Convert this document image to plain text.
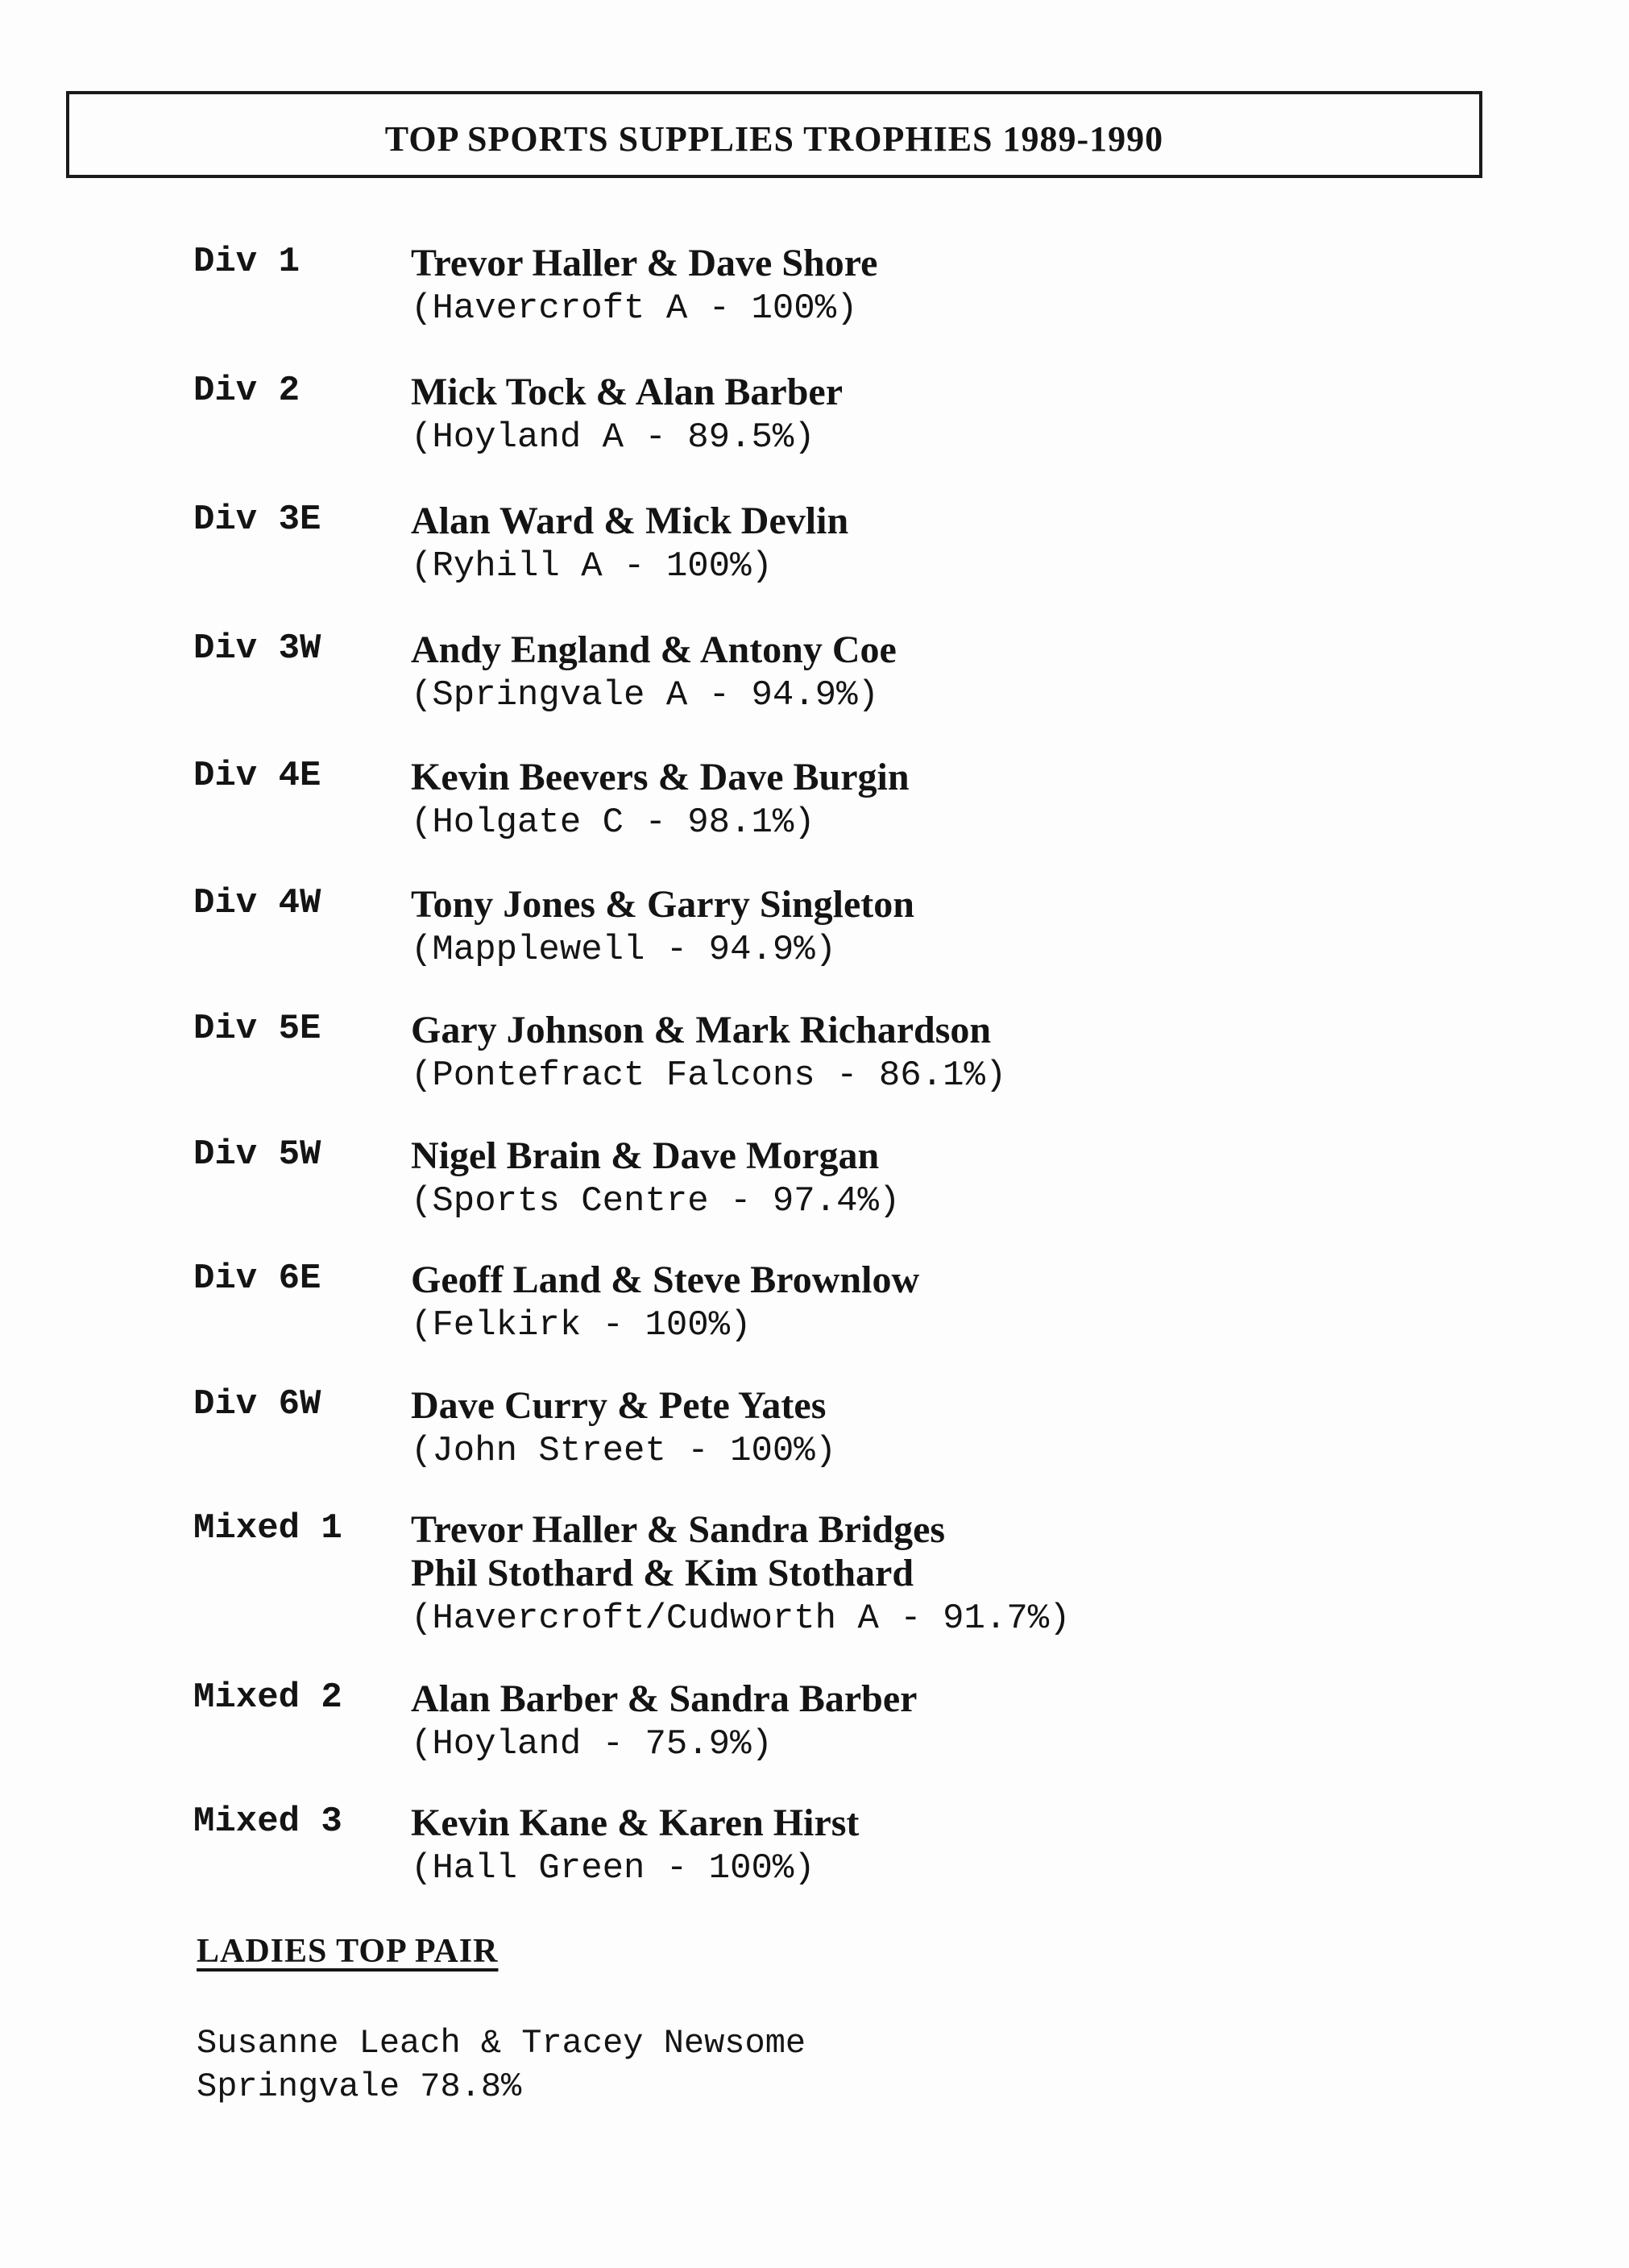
TOP SPORTS SUPPLIES TROPHIES 1989-1990
Div 1	Trevor Haller & Dave Shore
(Havercroft A - 100%)
Div 2	Mick Tock & Alan Barber
(Hoyland A - 89.5%)
Div 3E	Alan Ward & Mick Devlin
(Ryhill A - 100%)
Div 3W	Andy England & Antony Coe
(Springvale A - 94.9%)
Div 4E	Kevin Beevers & Dave Burgin
(Holgate C - 98.1%)
Div 4W	Tony Jones & Garry Singleton
(Mapplewell - 94.9%)
Div 5E	Gary Johnson & Mark Richardson
(Pontefract Falcons - 86.1%)
Div 5W	Nigel Brain & Dave Morgan
(Sports Centre - 97.4%)
Div 6E	Geoff Land & Steve Brownlow
(Felkirk - 100%)
Div 6W	Dave Curry & Pete Yates
(John Street - 100%)
Mixed 1	Trevor Haller & Sandra Bridges
Phil Stothard & Kim Stothard
(Havercroft/Cudworth A - 91.7%)
Mixed 2	Alan Barber & Sandra Barber
(Hoyland - 75.9%)
Mixed 3	Kevin Kane & Karen Hirst
(Hall Green - 100%)
LADIES TOP PAIR
Susanne Leach & Tracey Newsome
Springvale 78.8%
